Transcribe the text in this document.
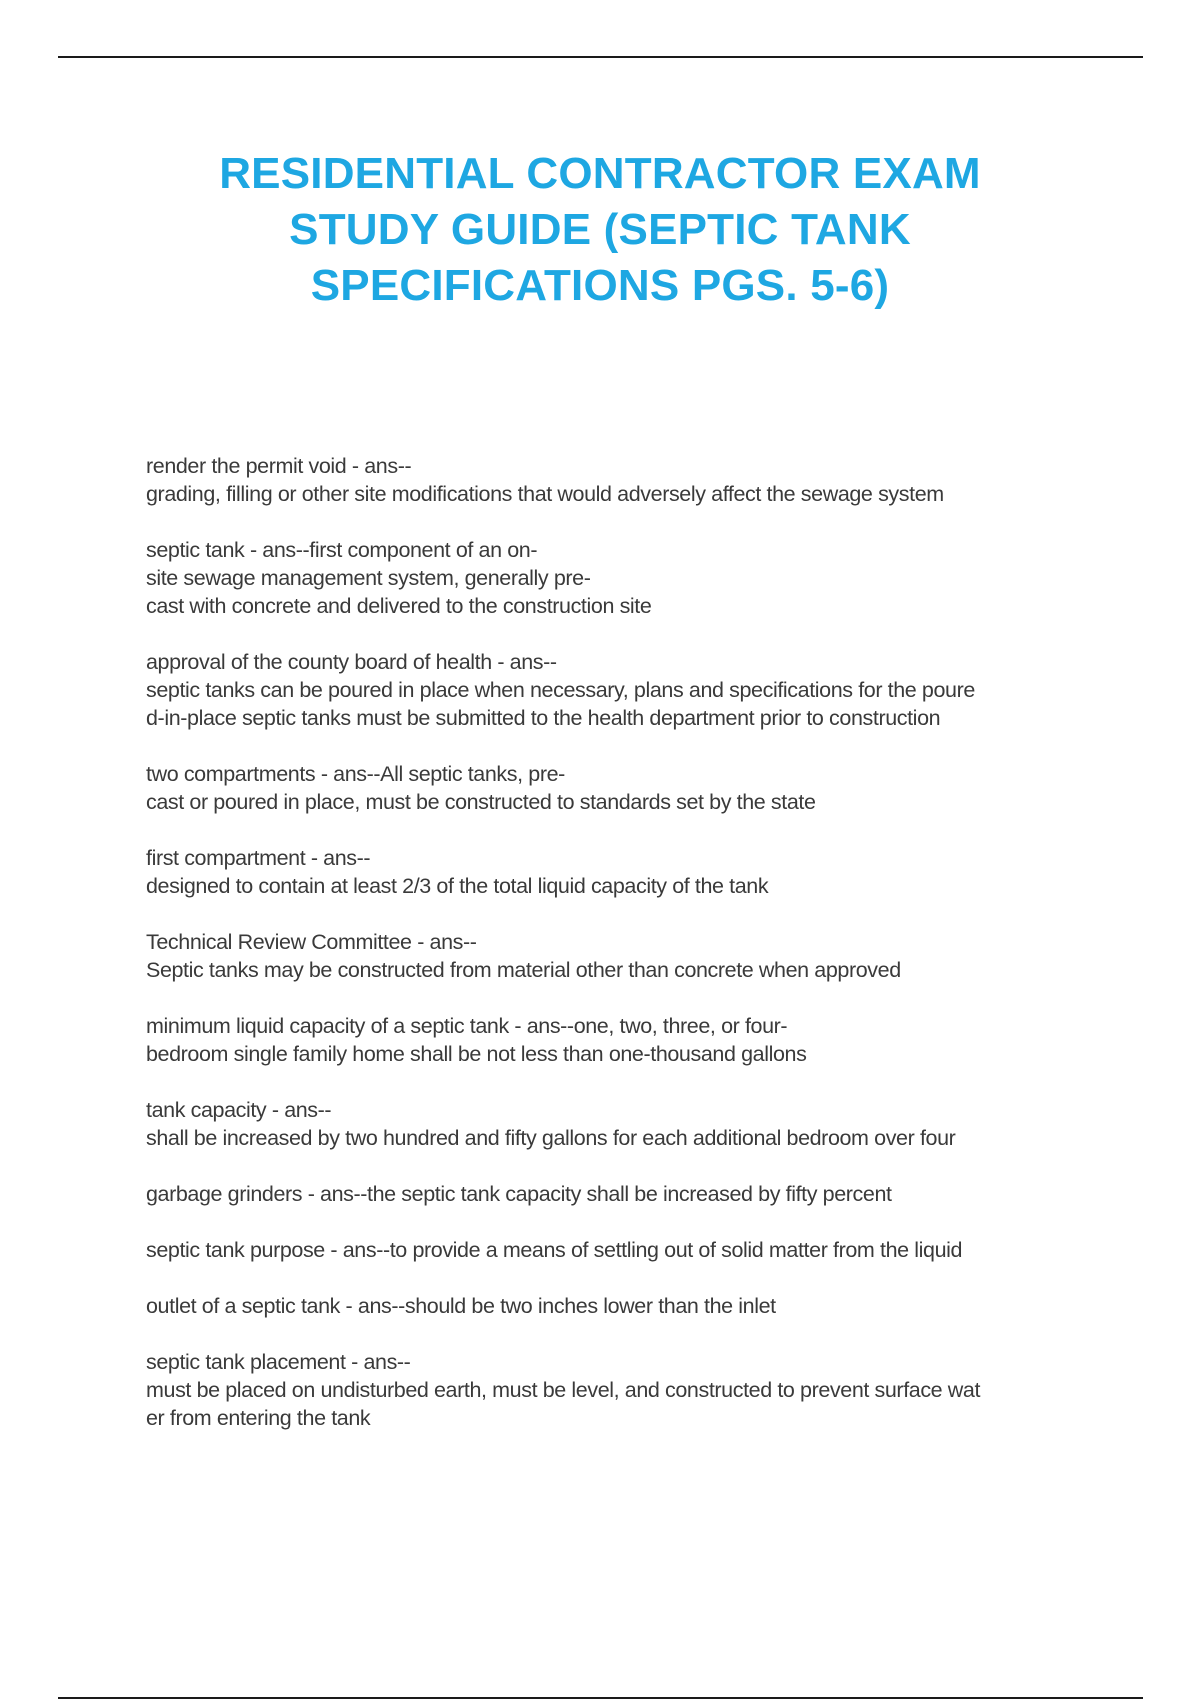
RESIDENTIAL CONTRACTOR EXAM
STUDY GUIDE (SEPTIC TANK
SPECIFICATIONS PGS. 5-6)

render the permit void - ans--
grading, filling or other site modifications that would adversely affect the sewage system

septic tank - ans--first component of an on-
site sewage management system, generally pre-
cast with concrete and delivered to the construction site

approval of the county board of health - ans--
septic tanks can be poured in place when necessary, plans and specifications for the poure
d-in-place septic tanks must be submitted to the health department prior to construction

two compartments - ans--All septic tanks, pre-
cast or poured in place, must be constructed to standards set by the state

first compartment - ans--
designed to contain at least 2/3 of the total liquid capacity of the tank

Technical Review Committee - ans--
Septic tanks may be constructed from material other than concrete when approved

minimum liquid capacity of a septic tank - ans--one, two, three, or four-
bedroom single family home shall be not less than one-thousand gallons

tank capacity - ans--
shall be increased by two hundred and fifty gallons for each additional bedroom over four

garbage grinders - ans--the septic tank capacity shall be increased by fifty percent

septic tank purpose - ans--to provide a means of settling out of solid matter from the liquid

outlet of a septic tank - ans--should be two inches lower than the inlet

septic tank placement - ans--
must be placed on undisturbed earth, must be level, and constructed to prevent surface wat
er from entering the tank
